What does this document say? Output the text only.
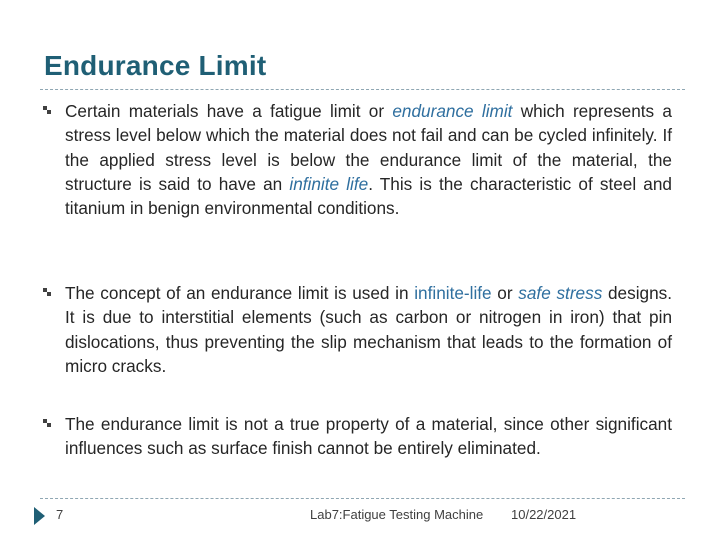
Endurance Limit
Certain materials have a fatigue limit or endurance limit which represents a stress level below which the material does not fail and can be cycled infinitely. If the applied stress level is below the endurance limit of the material, the structure is said to have an infinite life. This is the characteristic of steel and titanium in benign environmental conditions.
The concept of an endurance limit is used in infinite-life or safe stress designs. It is due to interstitial elements (such as carbon or nitrogen in iron) that pin dislocations, thus preventing the slip mechanism that leads to the formation of micro cracks.
The endurance limit is not a true property of a material, since other significant influences such as surface finish cannot be entirely eliminated.
7	Lab7:Fatigue Testing Machine 10/22/2021
